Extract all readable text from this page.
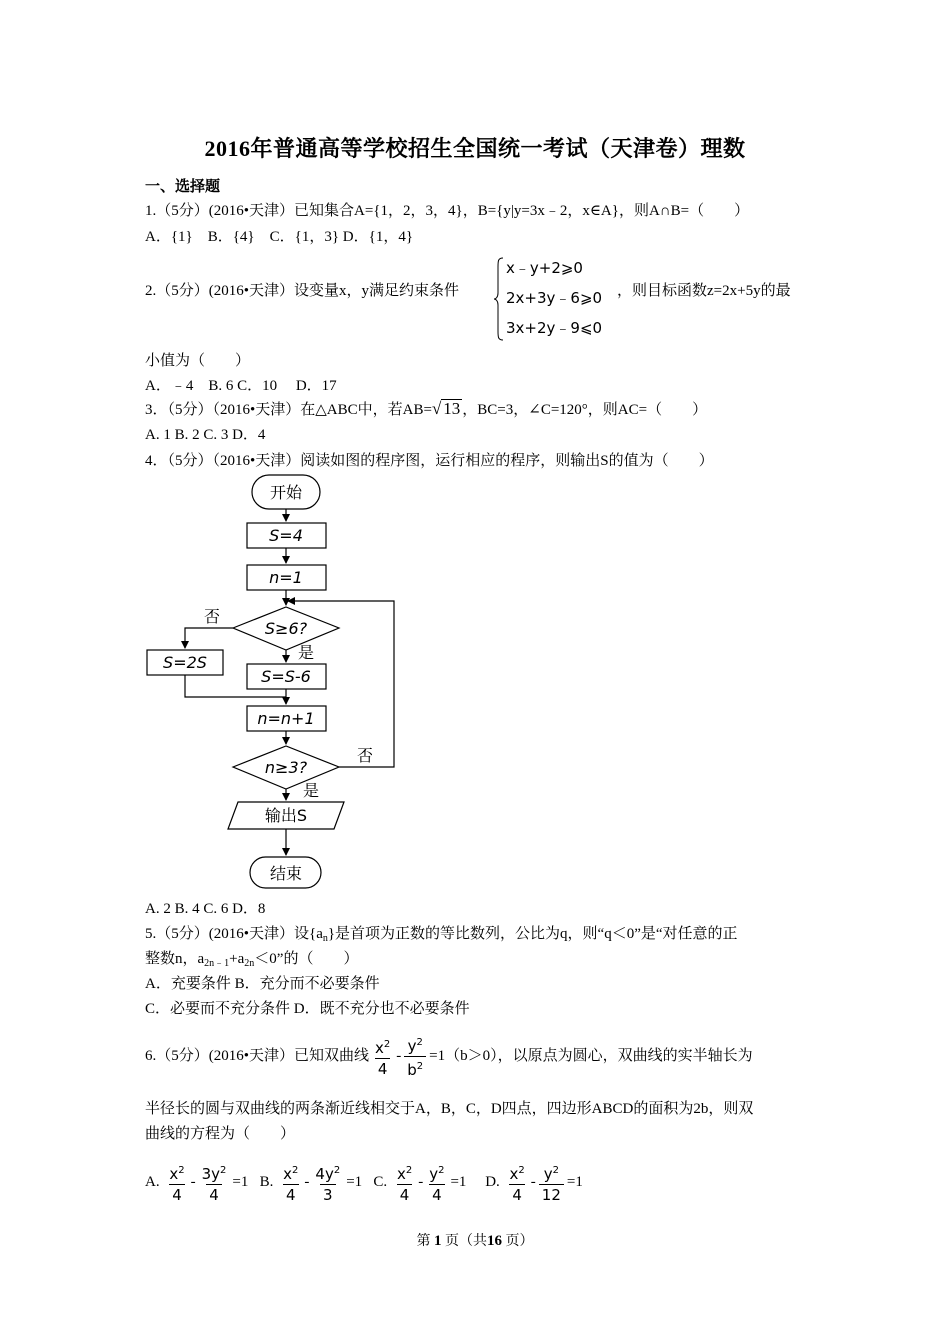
2016年普通高等学校招生全国统一考试（天津卷）理数
一、选择题
1.（5分）(2016•天津）已知集合A={1，2，3，4}，B={y|y=3x﹣2，x∈A}，则A∩B=（　　）
A．{1}　B．{4}　C．{1，3} D．{1，4}
2.（5分）(2016•天津）设变量x，y满足约束条件
x﹣y+2⩾0
2x+3y﹣6⩾0
3x+2y﹣9⩽0
，则目标函数z=2x+5y的最
小值为（　　）
A．﹣4　B. 6 C．10　 D．17
3．（5分）（2016•天津）在△ABC中，若AB=√ 13 ，BC=3，∠C=120°，则AC=（　　）
A. 1 B. 2 C. 3 D．4
4．（5分）（2016•天津）阅读如图的程序图，运行相应的程序，则输出S的值为（　　）
开始
S=4
n=1
S≥6?
否
是
S=2S
S=S-6
n=n+1
n≥3?
否
是
输出S
结束
A. 2 B. 4 C. 6 D．8
5.（5分）(2016•天津）设$\{a_n\}$是首项为正数的等比数列，公比为q，则“q＜0”是“对任意的正
整数n，$a_{2n﹣1}+a_{2n}<0$”的（　　）
A．充要条件 B．充分而不必要条件
C．必要而不充分条件 D．既不充分也不必要条件
6.（5分）(2016•天津）已知双曲线 $\frac{x^2}{4} - \frac{y^2}{b^2} =1(b>0)$，以原点为圆心，双曲线的实半轴长为
半径长的圆与双曲线的两条渐近线相交于A，B，C，D四点，四边形ABCD的面积为2b，则双
曲线的方程为（　　）
A. $\frac{x^2}{4} - \frac{3y^2}{4} =1$ B. $\frac{x^2}{4} - \frac{4y^2}{3} =1$ C. $\frac{x^2}{4} - \frac{y^2}{4} =1$ D. $\frac{x^2}{4} - \frac{y^2}{12} =1$
第 1 页（共16 页）
